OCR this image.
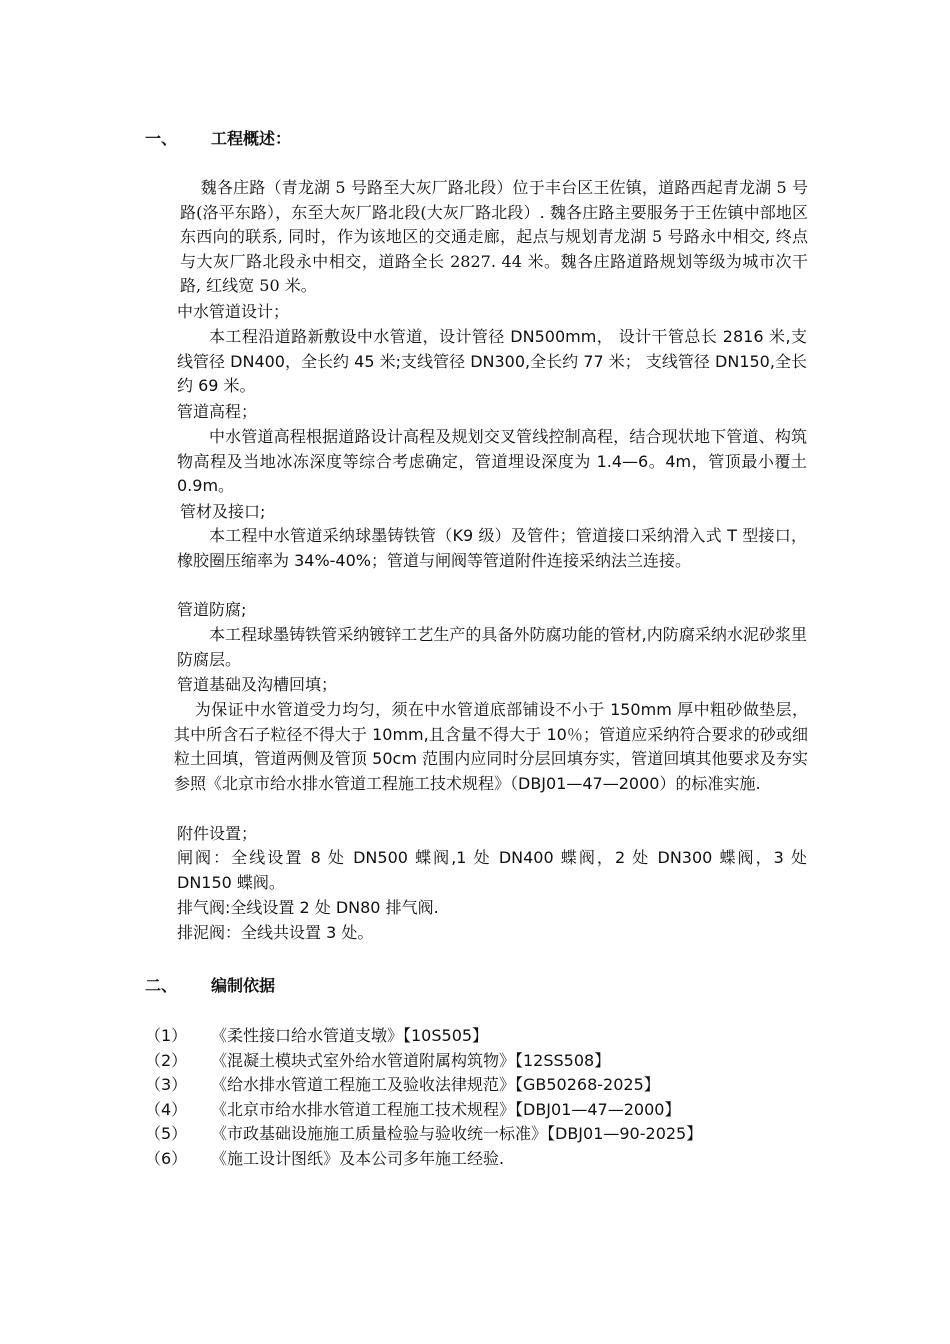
一、 工程概述：
魏各庄路（青龙湖 5 号路至大灰厂路北段）位于丰台区王佐镇，道路西起青龙湖 5 号路(洛平东路），东至大灰厂路北段(大灰厂路北段）. 魏各庄路主要服务于王佐镇中部地区东西向的联系, 同时，作为该地区的交通走廊，起点与规划青龙湖 5 号路永中相交, 终点与大灰厂路北段永中相交，道路全长 2827. 44 米。魏各庄路道路规划等级为城市次干路, 红线宽 50 米。
中水管道设计；
本工程沿道路新敷设中水管道，设计管径 DN500mm， 设计干管总长 2816 米,支线管径 DN400，全长约 45 米;支线管径 DN300,全长约 77 米； 支线管径 DN150,全长约 69 米。
管道高程；
中水管道高程根据道路设计高程及规划交叉管线控制高程，结合现状地下管道、构筑物高程及当地冰冻深度等综合考虑确定，管道埋设深度为 1.4—6。4m，管顶最小覆土 0.9m。
管材及接口;
本工程中水管道采纳球墨铸铁管（K9 级）及管件；管道接口采纳滑入式 T 型接口，橡胶圈压缩率为 34%-40%；管道与闸阀等管道附件连接采纳法兰连接。
管道防腐;
本工程球墨铸铁管采纳镀锌工艺生产的具备外防腐功能的管材,内防腐采纳水泥砂浆里防腐层。
管道基础及沟槽回填；
为保证中水管道受力均匀，须在中水管道底部铺设不小于 150mm 厚中粗砂做垫层，其中所含石子粒径不得大于 10mm,且含量不得大于 10％；管道应采纳符合要求的砂或细粒土回填，管道两侧及管顶 50cm 范围内应同时分层回填夯实，管道回填其他要求及夯实参照《北京市给水排水管道工程施工技术规程》（DBJ01—47—2000）的标准实施.
附件设置；
闸阀：全线设置 8 处 DN500 蝶阀,1 处 DN400 蝶阀，2 处 DN300 蝶阀，3 处 DN150 蝶阀。
排气阀:全线设置 2 处 DN80 排气阀.
排泥阀：全线共设置 3 处。
二、 编制依据
（1） 《柔性接口给水管道支墩》【10S505】
（2） 《混凝土模块式室外给水管道附属构筑物》【12SS508】
（3） 《给水排水管道工程施工及验收法律规范》【GB50268-2025】
（4） 《北京市给水排水管道工程施工技术规程》【DBJ01—47—2000】
（5） 《市政基础设施施工质量检验与验收统一标准》【DBJ01—90-2025】
（6） 《施工设计图纸》及本公司多年施工经验.
